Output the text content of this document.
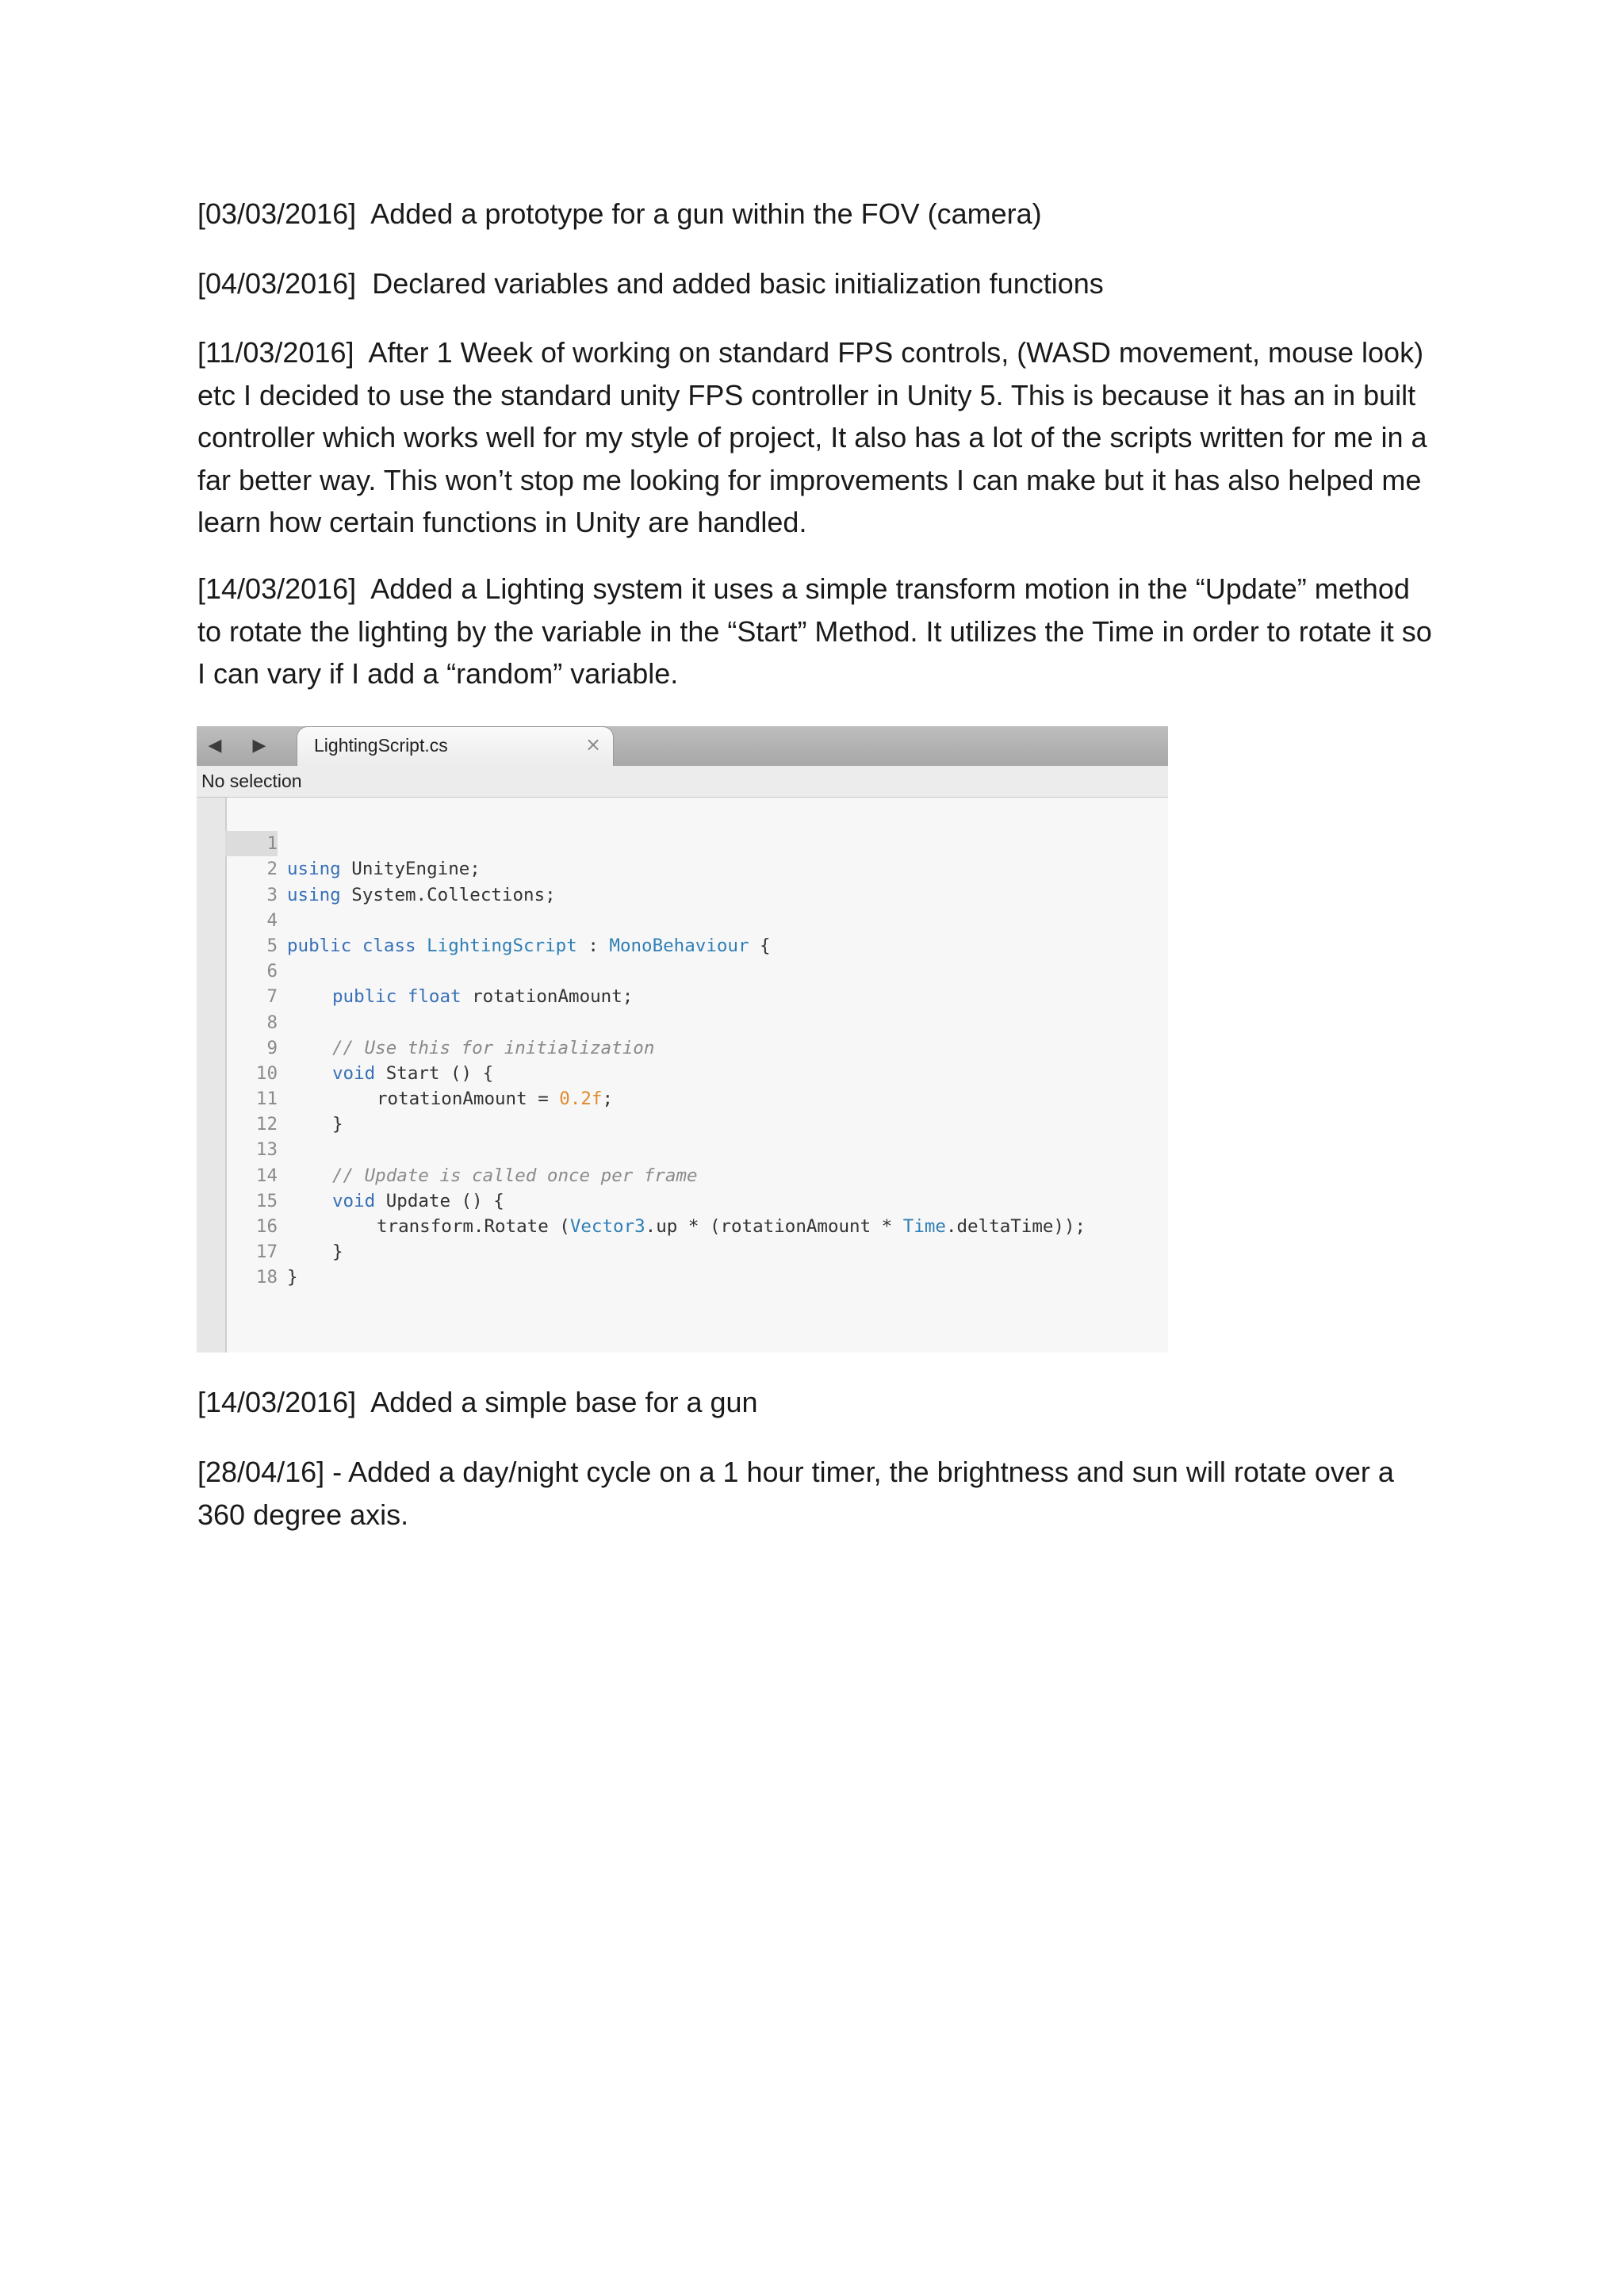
[03/03/2016] Added a prototype for a gun within the FOV (camera)

[04/03/2016] Declared variables and added basic initialization functions

[11/03/2016] After 1 Week of working on standard FPS controls, (WASD movement, mouse look) etc I decided to use the standard unity FPS controller in Unity 5. This is because it has an in built controller which works well for my style of project, It also has a lot of the scripts written for me in a far better way. This won’t stop me looking for improvements I can make but it has also helped me learn how certain functions in Unity are handled.

[14/03/2016] Added a Lighting system it uses a simple transform motion in the “Update” method to rotate the lighting by the variable in the “Start” Method. It utilizes the Time in order to rotate it so I can vary if I add a “random” variable.

◀ ▶	LightingScript.cs	×
No selection

1

using UnityEngine;

2

using System.Collections;

3

4

public class LightingScript : MonoBehaviour {

5

6

public float rotationAmount;

7

8

// Use this for initialization

9

void Start () {

10

rotationAmount = 0.2f;

11

}

12

13

// Update is called once per frame

14

void Update () {

15

transform.Rotate (Vector3.up * (rotationAmount * Time.deltaTime));

16

}

17

}

18

[14/03/2016] Added a simple base for a gun

[28/04/16] - Added a day/night cycle on a 1 hour timer, the brightness and sun will rotate over a 360 degree axis.
